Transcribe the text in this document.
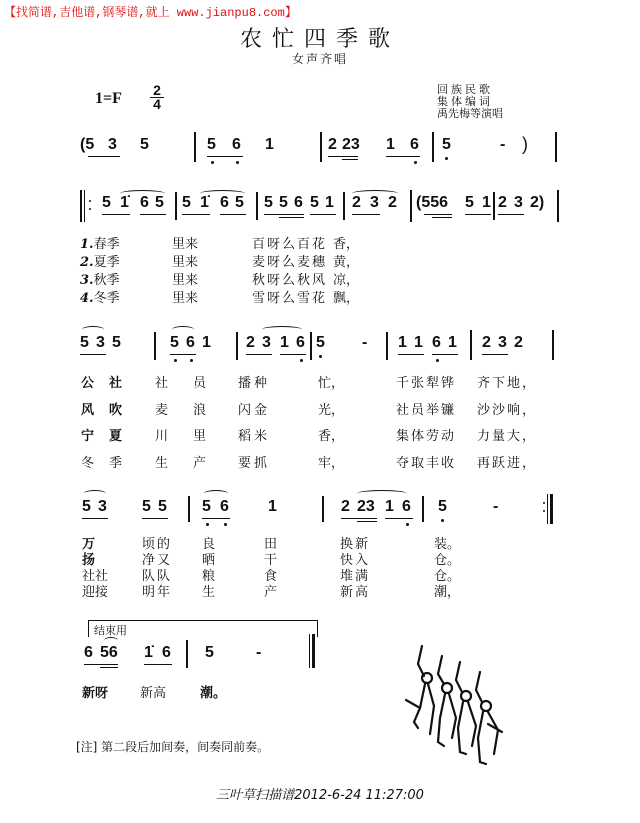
【找简谱,吉他谱,钢琴谱,就上 www.jianpu8.com】
农忙四季歌
女声齐唱
1=F 2
4
回族民歌
集体编词
禹先梅等演唱
(5 3 5	5 6 1	2 23 1 6 5	- )
5 1̇ 6 5 5 1̇ 6 5 5 5 6 5 1 2 3 2 (556 5 1 2 3 2)
1.春季	里来	百呀么百花 香，
2.夏季	里来	麦呀么麦穗 黄，
3.秋季	里来	秋呀么秋风 凉，
4.冬季	里来	雪呀么雪花 飘，
5 3 5	5 6 1 2 3 1 6 5 - 1 1 6 1 2 3 2
公 社	社 员 播种	忙，	千张犁铧 齐下地，
风 吹	麦 浪 闪金	光，	社员举镰 沙沙响，
宁 夏	川 里 稻米	香，	集体劳动 力量大，
冬 季	生 产 要抓	牢，	夺取丰收 再跃进，
5 3 5 5 5 6 1	2 23 1 6 5	-
万	顷的 良	田	换新	装。
扬	净又 晒	干	快入	仓。
社社	队队 粮	食	堆满	仓。
迎接	明年 生	产	新高	潮，
结束用
6 56 1̇ 6 5	-
新呀 新高	潮。
[注] 第二段后加间奏，间奏同前奏。
三叶草扫描谱2012-6-24 11:27:00
